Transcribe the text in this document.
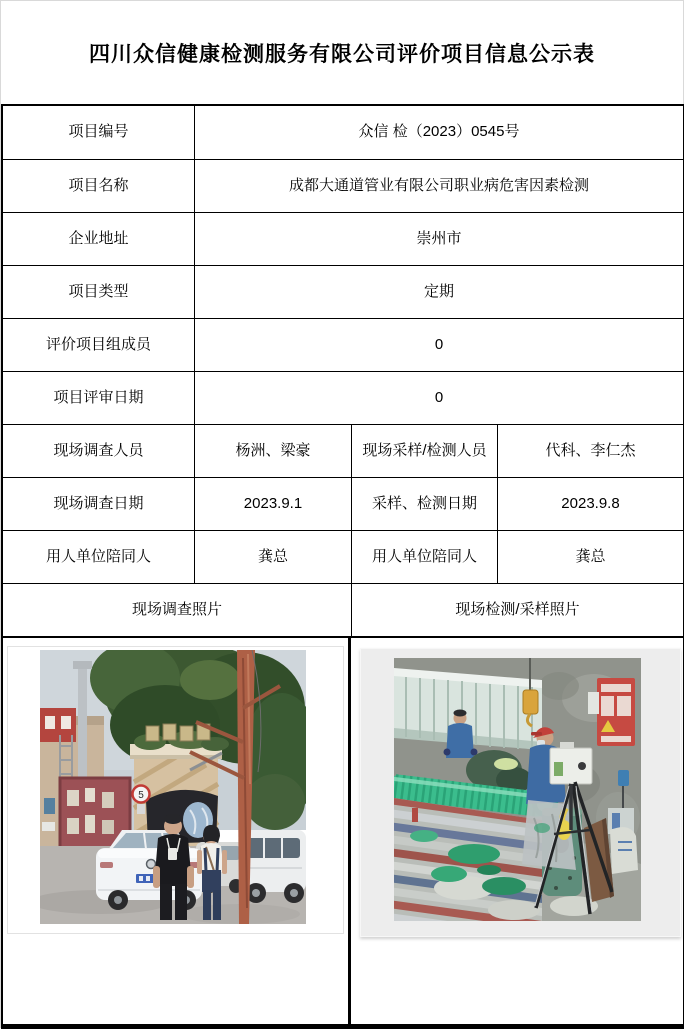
四川众信健康检测服务有限公司评价项目信息公示表
项目编号	众信 检（2023）0545号
项目名称	成都大通道管业有限公司职业病危害因素检测
企业地址	崇州市
项目类型	定期
评价项目组成员	0
项目评审日期	0
现场调查人员	杨洲、梁豪	现场采样/检测人员	代科、李仁杰
现场调查日期	2023.9.1	采样、检测日期	2023.9.8
用人单位陪同人	龚总	用人单位陪同人	龚总
现场调查照片	现场检测/采样照片
5
